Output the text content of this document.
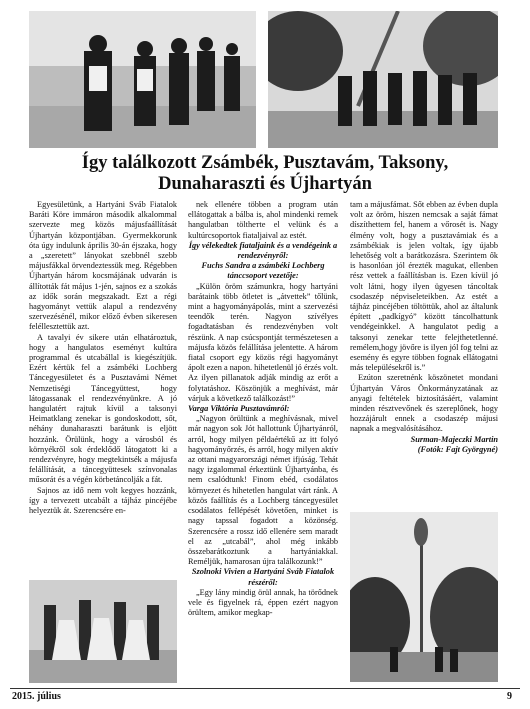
Így találkozott Zsámbék, Pusztavám, Taksony,
Dunaharaszti és Újhartyán

Egyesületünk, a Hartyáni Sváb Fiatalok Baráti Köre immáron második alkalommal szervezte meg közös májusfaállítását Újhartyán központjában. Gyermekkorunk óta úgy indulunk április 30-án éjszaka, hogy a „szeretett” lányokat szebbnél szebb májusfákkal örvendeztessük meg. Régebben Újhartyán három kocsmájának udvarán is állították fát május 1-jén, sajnos ez a szokás az idők során megszakadt. Ezt a régi hagyományt vettük alapul a rendezvény szervezésénél, mikor előző évben sikeresen feléllesztettük azt.

A tavalyi év sikere után elhatároztuk, hogy a hangulatos eseményt kultúra programmal és utcabállal is kiegészítjük. Ezért kértük fel a zsámbéki Lochberg Táncegyesületet és a Pusztavámi Német Nemzetiségi Táncegyüttest, hogy látogassanak el rendezvényünkre. A jó hangulatért rajtuk kívül a taksonyi Heimatklang zenekar is gondoskodott, sőt, néhány dunaharaszti barátunk is eljött hozzánk. Örülünk, hogy a városból és környékről sok érdeklődő látogatott ki a rendezvényre, hogy megtekintsék a májusfa felállítását, a táncegyüttesek színvonalas műsorát és a végén körbetáncolják a fát.

Sajnos az idő nem volt kegyes hozzánk, így a tervezett utcabált a tájház pincéjébe helyeztük át. Szerencsére en-

nek ellenére többen a program után ellátogattak a bálba is, ahol mindenki remek hangulatban töltheтte el velünk és a kultúrcsoportok fiataljaival az estét.

Így vélekedtek fiataljaink és a vendégeink a rendezvényről:

Fuchs Sandra a zsámbéki Lochberg tánccsoport vezetője:

„Külön öröm számunkra, hogy hartyáni barátaink több ötletet is „átvettek” tőlünk, mint a hagyományápolás, mint a szervezési teendők terén. Nagyon szívélyes fogadtatásban és rendezvényben volt részünk. A nap csúcspontját természetesen a májusfa közös felállítása jelentette. A három fiatal csoport egy közös régi hagyományt ápolt ezen a napon. hihetetlenül jó érzés volt. Az ilyen pillanatok adják mindig az erőt a folytatáshoz. Köszönjük a meghívást, már várjuk a következő találkozást!”

Varga Viktória Pusztavámról:

„Nagyon örültünk a meghívásnak, mivel már nagyon sok Jót hallottunk Újhartyánról, arról, hogy milyen példaértékű az itt folyó hagyományőrzés, és arról, hogy milyen aktív az ottani magyarországi német ifjúság. Tehát nagy izgalommal érkeztünk Újhartyánba, és nem csalódtunk! Finom ebéd, csodálatos környezet és hihetetlen hangulat várt ránk. A közös faállítás és a Lochberg táncegyesület csodálatos fellépését követően, minket is nagy tapssal fogadott a közönség. Szerencsére a rossz idő ellenére sem maradt el az „utcabál”, ahol még inkább összebarátkoztunk a hartyániakkal. Reméljük, hamarosan újra találkozunk!”

Szolnoki Vivien a Hartyáni Sváb Fiatalok részéről:

„Egy lány mindig örül annak, ha törődnek vele és figyelnek rá, éppen ezért nagyon örültem, amikor megkap-

tam a májusfámat. Sőt ebben az évben dupla volt az öröm, hiszen nemcsak a saját fámat díszíthettem fel, hanem a vőrosét is. Nagy élmény volt, hogy a pusztavámiak és a zsámbékiak is jelen voltak, így újabb lehetőség volt a barátkozásra. Szerintem ők is hasonlóan jól érezték magukat, ellenben rész vettek a faállításban is. Ezen kívül jó volt látni, hogy ilyen ügyesen táncoltak csodaszép népviseleteikben. Az estét a tájház pincéjében töltöttük, ahol az általunk épített „padkígyó” között táncolhattunk vendégeinkkel. A hangulatot pedig a taksonyi zenekar tette felejthetetlenné. remélem,hogy jövőre is ilyen jól fog telni az esemény és egyre többen fognak ellátogatni más településekről is.”

Ezúton szeretnénk köszönetet mondani Újhartyán Város Önkormányzatának az anyagi feltételek biztosításáért, valamint minden résztvevőnek és szereplőnek, hogy hozzájárult ennek a csodaszép májusi napnak a megvalósításához.

Surman-Majeczki Martin

(Fotók: Fajt Györgyné)

2015. július	9
